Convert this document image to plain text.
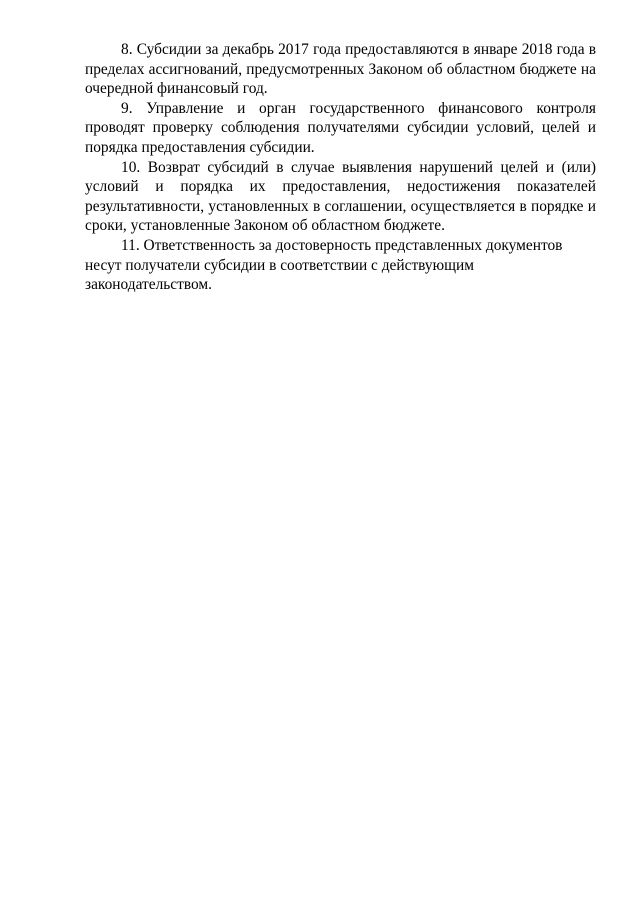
8. Субсидии за декабрь 2017 года предоставляются в январе 2018 года в пределах ассигнований, предусмотренных Законом об областном бюджете на очередной финансовый год.

9. Управление и орган государственного финансового контроля проводят проверку соблюдения получателями субсидии условий, целей и порядка предоставления субсидии.

10. Возврат субсидий в случае выявления нарушений целей и (или) условий и порядка их предоставления, недостижения показателей результативности, установленных в соглашении, осуществляется в порядке и сроки, установленные Законом об областном бюджете.

11. Ответственность за достоверность представленных документов несут получатели субсидии в соответствии с действующим законодательством.
